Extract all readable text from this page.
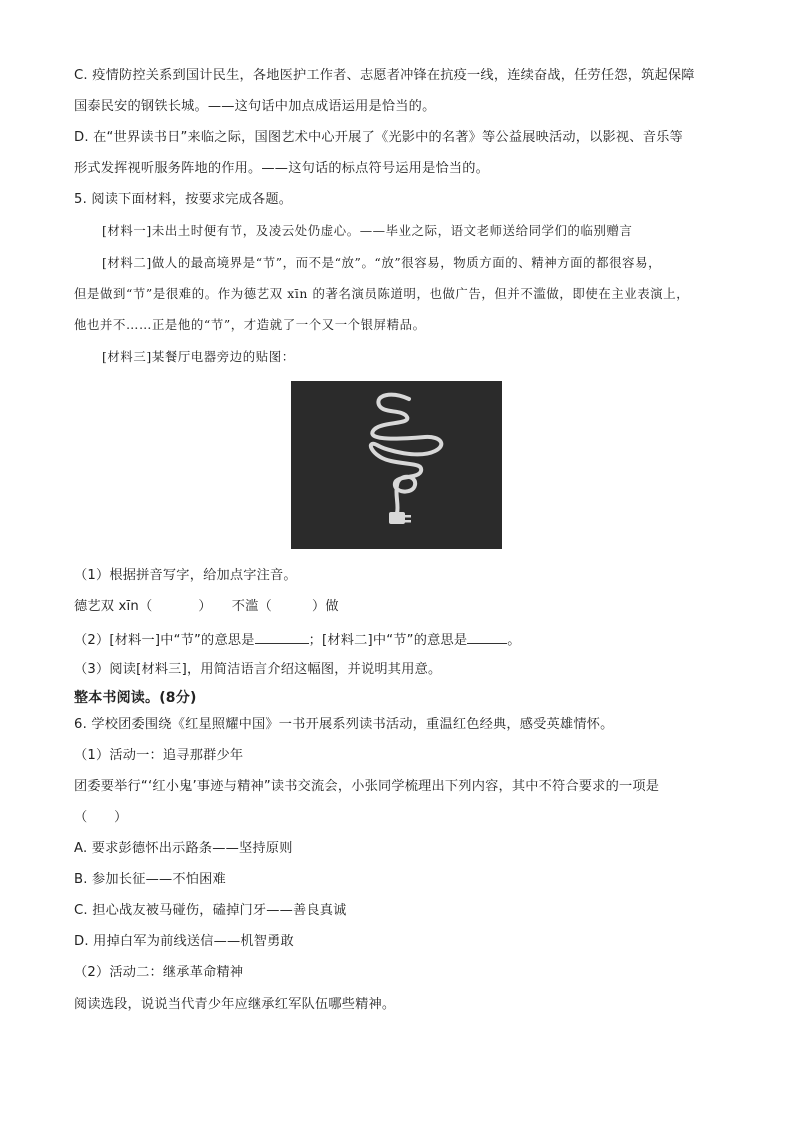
C. 疫情防控关系到国计民生，各地医护工作者、志愿者冲锋在抗疫一线，连续奋战，任劳任怨，筑起保障
国泰民安的钢铁长城。——这句话中加点成语运用是恰当的。
D. 在“世界读书日”来临之际，国图艺术中心开展了《光影中的名著》等公益展映活动，以影视、音乐等
形式发挥视听服务阵地的作用。——这句话的标点符号运用是恰当的。
5. 阅读下面材料，按要求完成各题。
[材料一]未出土时便有节，及凌云处仍虚心。——毕业之际，语文老师送给同学们的临别赠言
[材料二]做人的最高境界是“节”，而不是“放”。“放”很容易，物质方面的、精神方面的都很容易，
但是做到“节”是很难的。作为德艺双 xīn 的著名演员陈道明，也做广告，但并不滥做，即使在主业表演上，
他也并不……正是他的“节”，才造就了一个又一个银屏精品。
[材料三]某餐厅电器旁边的贴图：
（1）根据拼音写字，给加点字注音。
德艺双 xīn（	） 不滥（	）做
（2）[材料一]中“节”的意思是	；[材料二]中“节”的意思是	。
（3）阅读[材料三]，用简洁语言介绍这幅图，并说明其用意。
整本书阅读。(8分)
6. 学校团委围绕《红星照耀中国》一书开展系列读书活动，重温红色经典，感受英雄情怀。
（1）活动一：追寻那群少年
团委要举行“‘红小鬼’事迹与精神”读书交流会，小张同学梳理出下列内容，其中不符合要求的一项是
（　　）
A. 要求彭德怀出示路条——坚持原则
B. 参加长征——不怕困难
C. 担心战友被马碰伤，磕掉门牙——善良真诚
D. 用掉白军为前线送信——机智勇敢
（2）活动二：继承革命精神
阅读选段，说说当代青少年应继承红军队伍哪些精神。
